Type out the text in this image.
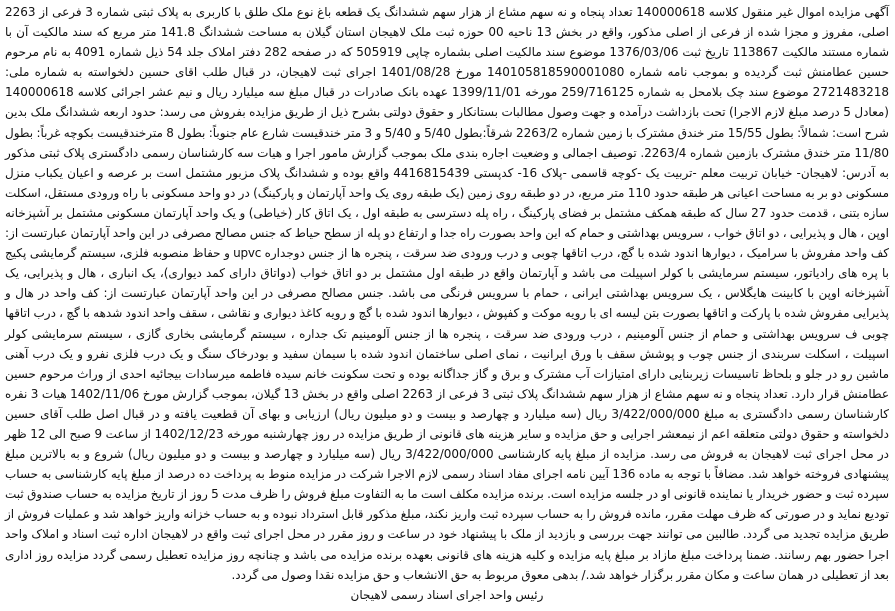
آگهی مزایده اموال غیر منقول کلاسه 140000618 تعداد پنجاه و نه سهم مشاع از هزار سهم ششدانگ یک قطعه باغ نوع ملک طلق با کاربری به پلاک ثبتی شماره 3 فرعی از 2263 اصلی، مفروز و مجزا شده از فرعی از اصلی مذکور، واقع در بخش 13 ناحیه 00 حوزه ثبت ملک لاهیجان استان گیلان به مساحت ششدانگ 141.8 متر مربع که سند مالکیت آن با شماره مستند مالکیت 113867 تاریخ ثبت 1376/03/06 موضوع سند مالکیت اصلی بشماره چاپی 505919 که در صفحه 282 دفتر املاک جلد 54 ذیل شماره 4091 به نام مرحوم حسین عطامنش ثبت گردیده و بموجب نامه شماره 140105818590001080 مورخ 1401/08/28 اجرای ثبت لاهیجان، در قبال طلب اقای حسین دلخواسته به شماره ملی: 2721483218 موضوع سند چک بلامحل به شماره 259/716125 مورخه 1399/11/01 عهده بانک صادرات در قبال مبلغ سه میلیارد ریال و نیم عشر اجرائی کلاسه 140000618 (معادل 5 درصد مبلغ لازم الاجرا) تحت بازداشت درآمده و جهت وصول مطالبات بستانکار و حقوق دولتی بشرح ذیل از طریق مزایده بفروش می رسد: حدود اربعه ششدانگ ملک بدین شرح است: شمالاً: بطول 15/55 متر خندق مشترک با زمین شماره 2263/2 شرقاً:بطول 5/40 و 5/40 و 3 متر خندقیست شارع عام جنوباً: بطول 8 مترخندقیست بکوچه غرباً: بطول 11/80 متر خندق مشترک بازمین شماره 2263/4. توصیف اجمالی و وضعیت اجاره بندی ملک بموجب گزارش مامور اجرا و هیات سه کارشناسان رسمی دادگستری پلاک ثبتی مذکور به آدرس: لاهیجان- خیابان تربیت معلم -تربیت یک -کوچه قاسمی -پلاک 16- کدپستی 4416815439 واقع بوده و ششدانگ پلاک مزبور مشتمل است بر عرصه و اعیان یکباب منزل مسکونی دو بر به مساحت اعیانی هر طبقه حدود 110 متر مربع، در دو طبقه روی زمین (یک طبقه روی یک واحد آپارتمان و پارکینگ) در دو واحد مسکونی با راه ورودی مستقل، اسکلت سازه بتنی ، قدمت حدود 27 سال که طبقه همکف مشتمل بر فضای پارکینگ ، راه پله دسترسی به طبقه اول ، یک اتاق کار (خیاطی) و یک واحد آپارتمان مسکونی مشتمل بر آشپزخانه اوپن ، هال و پذیرایی ، دو اتاق خواب ، سرویس بهداشتی و حمام که این واحد بصورت راه جدا و ارتفاع دو پله از سطح حیاط که جنس مصالح مصرفی در این واحد آپارتمان عبارتست از: کف واحد مفروش با سرامیک ، دیوارها اندود شده با گچ، درب اتاقها چوبی و درب ورودی ضد سرقت ، پنجره ها از جنس دوجداره upvc و حفاظ منصوبه فلزی، سیستم گرمایشی پکیج با پره های رادیاتور، سیستم سرمایشی با کولر اسپیلت می باشد و آپارتمان واقع در طبقه اول مشتمل بر دو اتاق خواب (دواتاق دارای کمد دیواری)، یک انباری ، هال و پذیرایی، یک آشپزخانه اوپن با کابینت هایگلاس ، یک سرویس بهداشتی ایرانی ، حمام با سرویس فرنگی می باشد. جنس مصالح مصرفی در این واحد آپارتمان عبارتست از: کف واحد در هال و پذیرایی مفروش شده با پارکت و اتاقها بصورت بتن لیسه ای با رویه موکت و کفپوش ، دیوارها اندود شده با گچ و رویه کاغذ دیواری و نقاشی ، سقف واحد اندود شدهه با گچ ، درب اتاقها چوبی ف سرویس بهداشتی و حمام از جنس آلومینیم ، درب ورودی ضد سرقت ، پنجره ها از جنس آلومینیم تک جداره ، سیستم گرمایشی بخاری گازی ، سیستم سرمایشی کولر اسپیلت ، اسکلت سربندی از جنس چوب و پوشش سقف با ورق ایرانیت ، نمای اصلی ساختمان اندود شده با سیمان سفید و بودرخاک سنگ و یک درب فلزی نفرو و یک درب آهنی ماشین رو در جلو و بلحاظ تاسیسات زیربنایی دارای امتیازات آب مشترک و برق و گاز جداگانه بوده و تحت سکونت خانم سیده فاطمه میرسادات بیجائیه احدی از وراث مرحوم حسین عطامنش قرار دارد. تعداد پنجاه و نه سهم مشاع از هزار سهم ششدانگ پلاک ثبتی 3 فرعی از 2263 اصلی واقع در بخش 13 گیلان، بموجب گزارش مورخ 1402/11/06 هیات 3 نفره کارشناسان رسمی دادگستری به مبلغ 3/422/000/000 ریال (سه میلیارد و چهارصد و بیست و دو میلیون ریال) ارزیابی و بهای آن قطعیت یافته و در قبال اصل طلب آقای حسین دلخواسته و حقوق دولتی متعلقه اعم از نیمعشر اجرایی و حق مزایده و سایر هزینه های قانونی از طریق مزایده در روز چهارشنبه مورخه 1402/12/23 از ساعت 9 صبح الی 12 ظهر در محل اجرای ثبت لاهیجان به فروش می رسد. مزایده از مبلغ پایه کارشناسی 3/422/000/000 ریال (سه میلیارد و چهارصد و بیست و دو میلیون ریال) شروع و به بالاترین مبلغ پیشنهادی فروخته خواهد شد. مضافاً با توجه به ماده 136 آیین نامه اجرای مفاد اسناد رسمی لازم الاجرا شرکت در مزایده منوط به پرداخت ده درصد از مبلغ پایه کارشناسی به حساب سپرده ثبت و حضور خریدار یا نماینده قانونی او در جلسه مزایده است. برنده مزایده مکلف است ما به التفاوت مبلغ فروش را ظرف مدت 5 روز از تاریخ مزایده به حساب صندوق ثبت تودیع نماید و در صورتی که ظرف مهلت مقرر، مانده فروش را به حساب سپرده ثبت واریز نکند، مبلغ مذکور قابل استرداد نبوده و به حساب خزانه واریز خواهد شد و عملیات فروش از طریق مزایده تجدید می گردد. طالبین می توانند جهت بررسی و بازدید از ملک با پیشنهاد خود در ساعت و روز مقرر در محل اجرای ثبت واقع در لاهیجان اداره ثبت اسناد و املاک واحد اجرا حضور بهم رسانند. ضمنا پرداخت مبلغ مازاد بر مبلغ پایه مزایده و کلیه هزینه های قانونی بعهده برنده مزایده می باشد و چنانچه روز مزایده تعطیل رسمی گردد مزایده روز اداری بعد از تعطیلی در همان ساعت و مکان مقرر برگزار خواهد شد./ بدهی معوق مربوط به حق الانشعاب و حق مزایده نقدا وصول می گردد.

رئیس واحد اجرای اسناد رسمی لاهیجان
